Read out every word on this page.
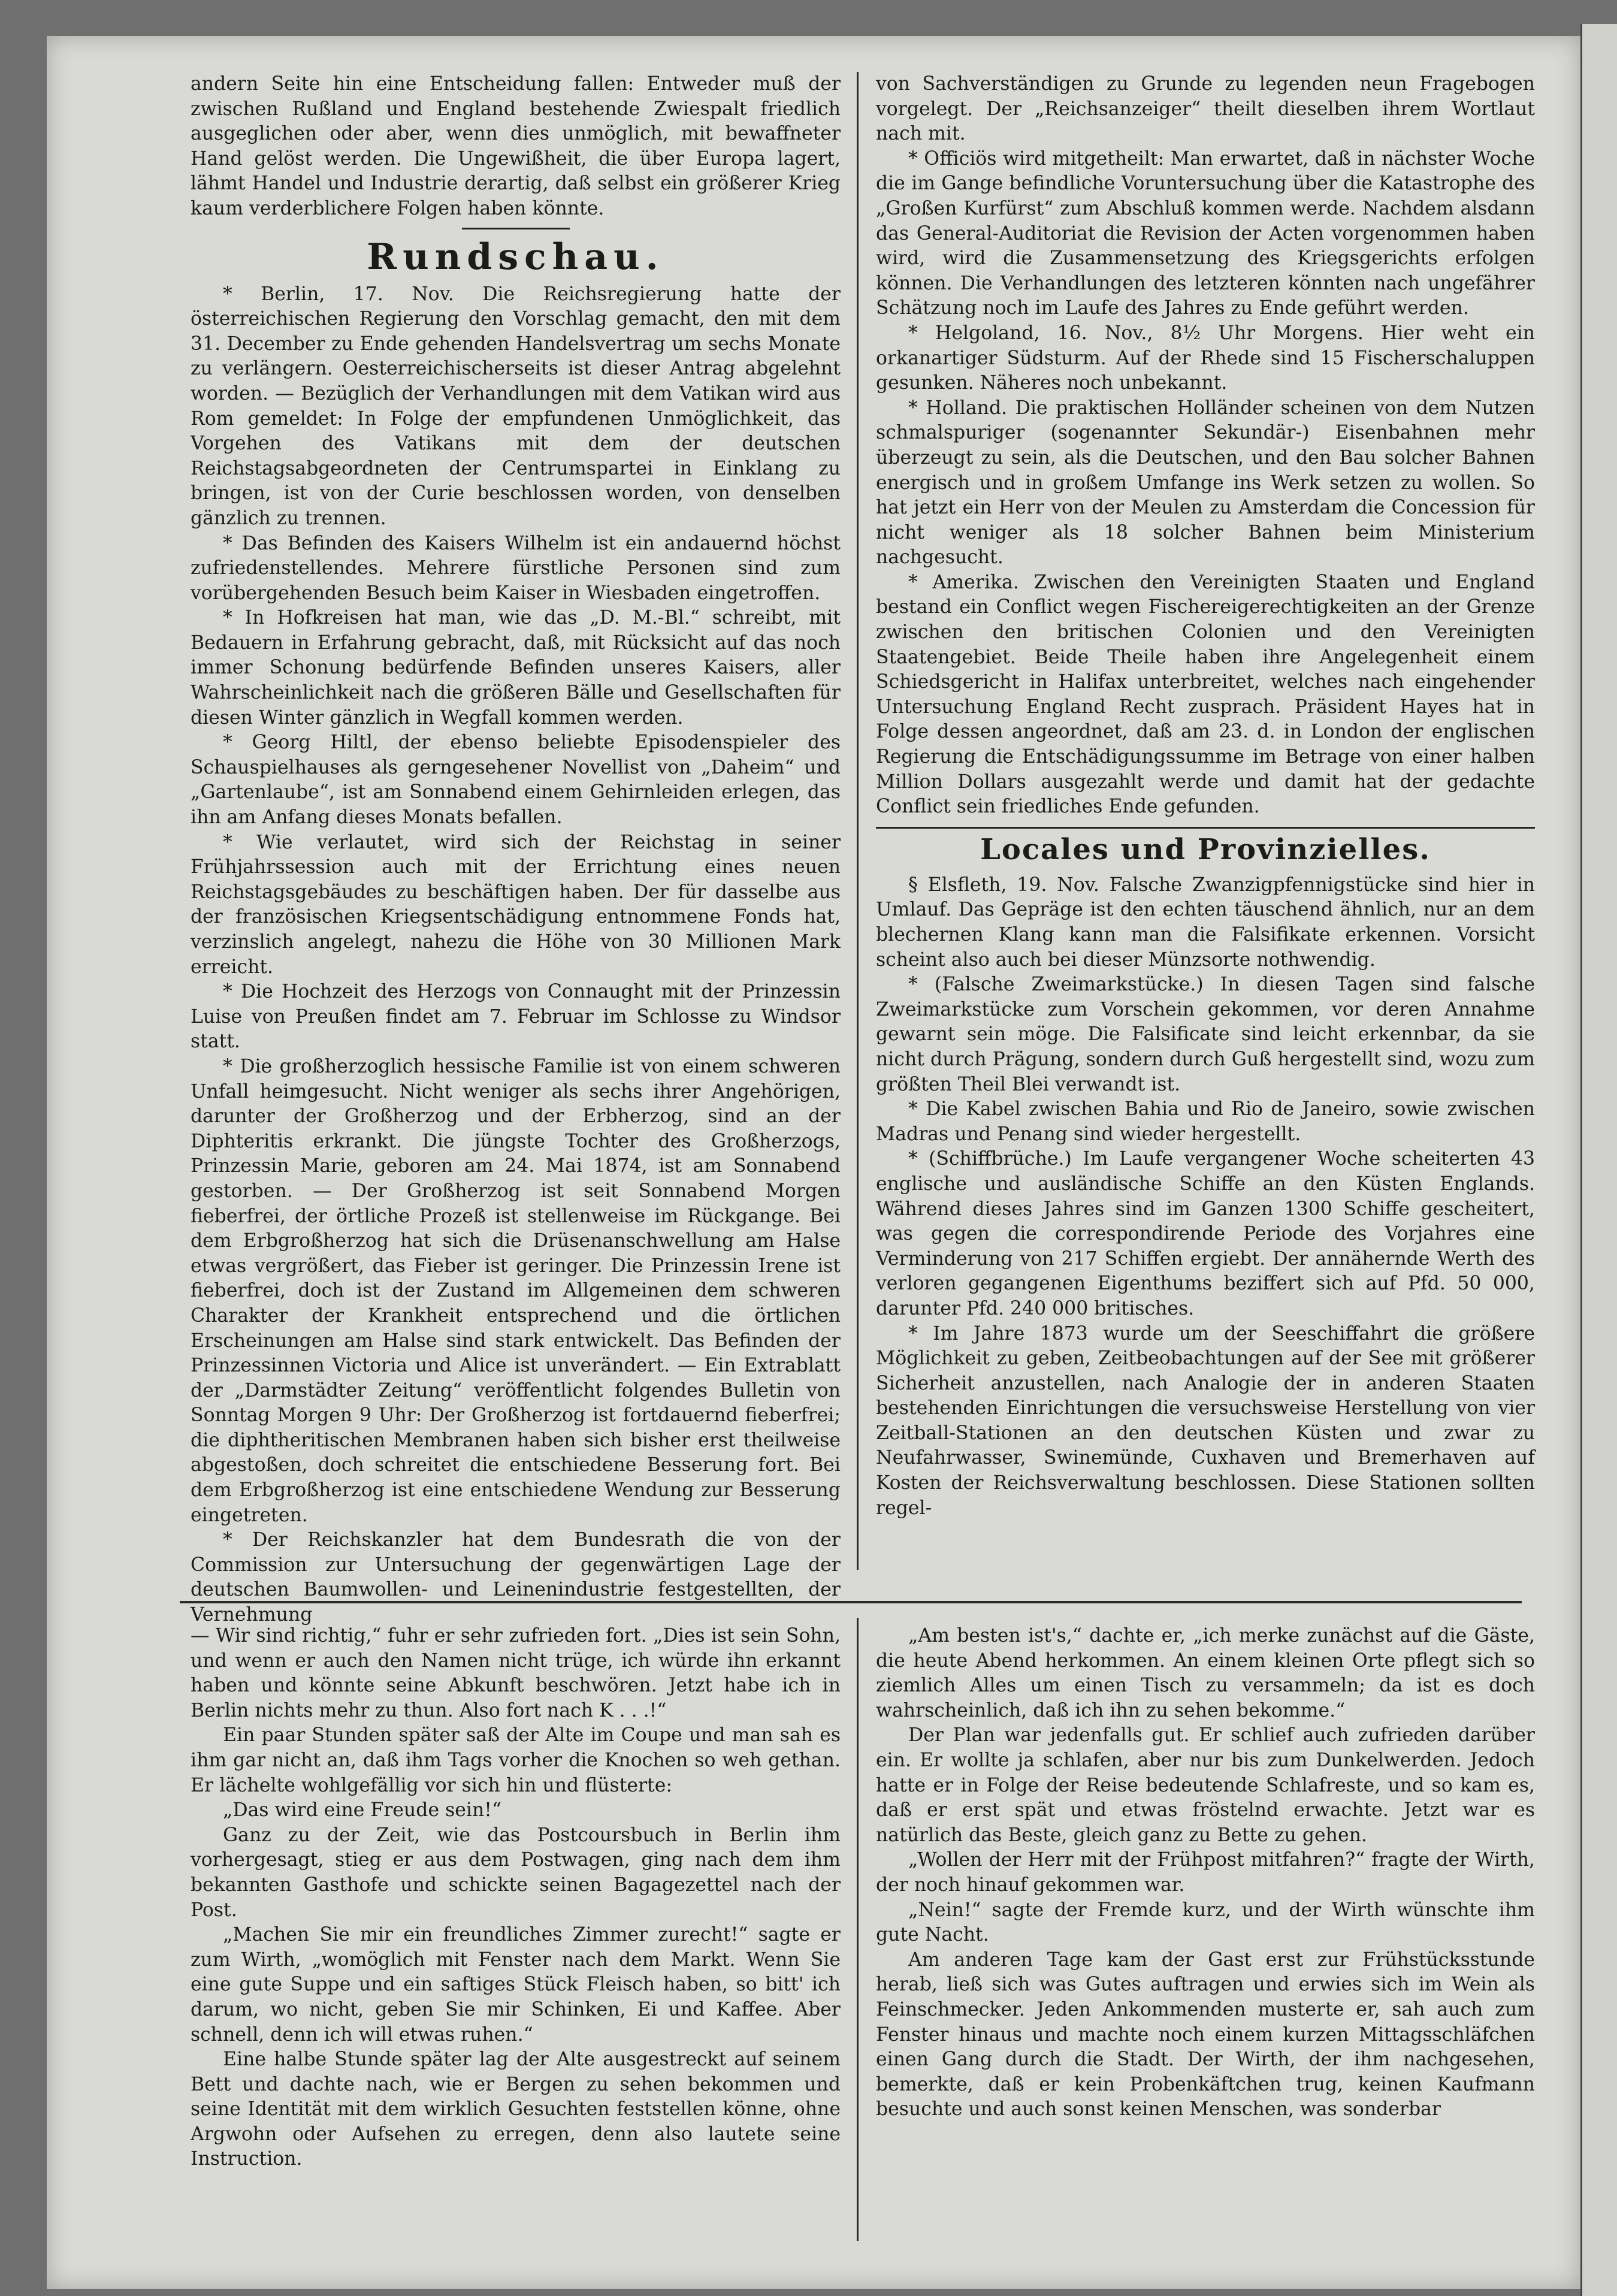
andern Seite hin eine Entscheidung fallen: Entweder muß der zwischen Rußland und England bestehende Zwiespalt friedlich ausgeglichen oder aber, wenn dies unmöglich, mit bewaffneter Hand gelöst werden. Die Ungewißheit, die über Europa lagert, lähmt Handel und Industrie derartig, daß selbst ein größerer Krieg kaum verderblichere Folgen haben könnte.

Rundschau.

* Berlin, 17. Nov. Die Reichsregierung hatte der österreichischen Regierung den Vorschlag gemacht, den mit dem 31. December zu Ende gehenden Handelsvertrag um sechs Monate zu verlängern. Oesterreichischerseits ist dieser Antrag abgelehnt worden. — Bezüglich der Verhandlungen mit dem Vatikan wird aus Rom gemeldet: In Folge der empfundenen Unmöglichkeit, das Vorgehen des Vatikans mit dem der deutschen Reichstagsabgeordneten der Centrumspartei in Einklang zu bringen, ist von der Curie beschlossen worden, von denselben gänzlich zu trennen.

* Das Befinden des Kaisers Wilhelm ist ein andauernd höchst zufriedenstellendes. Mehrere fürstliche Personen sind zum vorübergehenden Besuch beim Kaiser in Wiesbaden eingetroffen.

* In Hofkreisen hat man, wie das „D. M.-Bl.“ schreibt, mit Bedauern in Erfahrung gebracht, daß, mit Rücksicht auf das noch immer Schonung bedürfende Befinden unseres Kaisers, aller Wahrscheinlichkeit nach die größeren Bälle und Gesellschaften für diesen Winter gänzlich in Wegfall kommen werden.

* Georg Hiltl, der ebenso beliebte Episodenspieler des Schauspielhauses als gerngesehener Novellist von „Daheim“ und „Gartenlaube“, ist am Sonnabend einem Gehirnleiden erlegen, das ihn am Anfang dieses Monats befallen.

* Wie verlautet, wird sich der Reichstag in seiner Frühjahrssession auch mit der Errichtung eines neuen Reichstagsgebäudes zu beschäftigen haben. Der für dasselbe aus der französischen Kriegsentschädigung entnommene Fonds hat, verzinslich angelegt, nahezu die Höhe von 30 Millionen Mark erreicht.

* Die Hochzeit des Herzogs von Connaught mit der Prinzessin Luise von Preußen findet am 7. Februar im Schlosse zu Windsor statt.

* Die großherzoglich hessische Familie ist von einem schweren Unfall heimgesucht. Nicht weniger als sechs ihrer Angehörigen, darunter der Großherzog und der Erbherzog, sind an der Diphteritis erkrankt. Die jüngste Tochter des Großherzogs, Prinzessin Marie, geboren am 24. Mai 1874, ist am Sonnabend gestorben. — Der Großherzog ist seit Sonnabend Morgen fieberfrei, der örtliche Prozeß ist stellenweise im Rückgange. Bei dem Erbgroßherzog hat sich die Drüsenanschwellung am Halse etwas vergrößert, das Fieber ist geringer. Die Prinzessin Irene ist fieberfrei, doch ist der Zustand im Allgemeinen dem schweren Charakter der Krankheit entsprechend und die örtlichen Erscheinungen am Halse sind stark entwickelt. Das Befinden der Prinzessinnen Victoria und Alice ist unverändert. — Ein Extrablatt der „Darmstädter Zeitung“ veröffentlicht folgendes Bulletin von Sonntag Morgen 9 Uhr: Der Großherzog ist fortdauernd fieberfrei; die diphtheritischen Membranen haben sich bisher erst theilweise abgestoßen, doch schreitet die entschiedene Besserung fort. Bei dem Erbgroßherzog ist eine entschiedene Wendung zur Besserung eingetreten.

* Der Reichskanzler hat dem Bundesrath die von der Commission zur Untersuchung der gegenwärtigen Lage der deutschen Baumwollen- und Leinenindustrie festgestellten, der Vernehmung

von Sachverständigen zu Grunde zu legenden neun Fragebogen vorgelegt. Der „Reichsanzeiger“ theilt dieselben ihrem Wortlaut nach mit.

* Officiös wird mitgetheilt: Man erwartet, daß in nächster Woche die im Gange befindliche Voruntersuchung über die Katastrophe des „Großen Kurfürst“ zum Abschluß kommen werde. Nachdem alsdann das General-Auditoriat die Revision der Acten vorgenommen haben wird, wird die Zusammensetzung des Kriegsgerichts erfolgen können. Die Verhandlungen des letzteren könnten nach ungefährer Schätzung noch im Laufe des Jahres zu Ende geführt werden.

* Helgoland, 16. Nov., 8½ Uhr Morgens. Hier weht ein orkanartiger Südsturm. Auf der Rhede sind 15 Fischerschaluppen gesunken. Näheres noch unbekannt.

* Holland. Die praktischen Holländer scheinen von dem Nutzen schmalspuriger (sogenannter Sekundär-) Eisenbahnen mehr überzeugt zu sein, als die Deutschen, und den Bau solcher Bahnen energisch und in großem Umfange ins Werk setzen zu wollen. So hat jetzt ein Herr von der Meulen zu Amsterdam die Concession für nicht weniger als 18 solcher Bahnen beim Ministerium nachgesucht.

* Amerika. Zwischen den Vereinigten Staaten und England bestand ein Conflict wegen Fischereigerechtigkeiten an der Grenze zwischen den britischen Colonien und den Vereinigten Staatengebiet. Beide Theile haben ihre Angelegenheit einem Schiedsgericht in Halifax unterbreitet, welches nach eingehender Untersuchung England Recht zusprach. Präsident Hayes hat in Folge dessen angeordnet, daß am 23. d. in London der englischen Regierung die Entschädigungssumme im Betrage von einer halben Million Dollars ausgezahlt werde und damit hat der gedachte Conflict sein friedliches Ende gefunden.

Locales und Provinzielles.

§ Elsfleth, 19. Nov. Falsche Zwanzigpfennigstücke sind hier in Umlauf. Das Gepräge ist den echten täuschend ähnlich, nur an dem blechernen Klang kann man die Falsifikate erkennen. Vorsicht scheint also auch bei dieser Münzsorte nothwendig.

* (Falsche Zweimarkstücke.) In diesen Tagen sind falsche Zweimarkstücke zum Vorschein gekommen, vor deren Annahme gewarnt sein möge. Die Falsificate sind leicht erkennbar, da sie nicht durch Prägung, sondern durch Guß hergestellt sind, wozu zum größten Theil Blei verwandt ist.

* Die Kabel zwischen Bahia und Rio de Janeiro, sowie zwischen Madras und Penang sind wieder hergestellt.

* (Schiffbrüche.) Im Laufe vergangener Woche scheiterten 43 englische und ausländische Schiffe an den Küsten Englands. Während dieses Jahres sind im Ganzen 1300 Schiffe gescheitert, was gegen die correspondirende Periode des Vorjahres eine Verminderung von 217 Schiffen ergiebt. Der annähernde Werth des verloren gegangenen Eigenthums beziffert sich auf Pfd. 50 000, darunter Pfd. 240 000 britisches.

* Im Jahre 1873 wurde um der Seeschiffahrt die größere Möglichkeit zu geben, Zeitbeobachtungen auf der See mit größerer Sicherheit anzustellen, nach Analogie der in anderen Staaten bestehenden Einrichtungen die versuchsweise Herstellung von vier Zeitball-Stationen an den deutschen Küsten und zwar zu Neufahrwasser, Swinemünde, Cuxhaven und Bremerhaven auf Kosten der Reichsverwaltung beschlossen. Diese Stationen sollten regel-

— Wir sind richtig,“ fuhr er sehr zufrieden fort. „Dies ist sein Sohn, und wenn er auch den Namen nicht trüge, ich würde ihn erkannt haben und könnte seine Abkunft beschwören. Jetzt habe ich in Berlin nichts mehr zu thun. Also fort nach K . . .!“

Ein paar Stunden später saß der Alte im Coupe und man sah es ihm gar nicht an, daß ihm Tags vorher die Knochen so weh gethan. Er lächelte wohlgefällig vor sich hin und flüsterte:

„Das wird eine Freude sein!“

Ganz zu der Zeit, wie das Postcoursbuch in Berlin ihm vorhergesagt, stieg er aus dem Postwagen, ging nach dem ihm bekannten Gasthofe und schickte seinen Bagagezettel nach der Post.

„Machen Sie mir ein freundliches Zimmer zurecht!“ sagte er zum Wirth, „womöglich mit Fenster nach dem Markt. Wenn Sie eine gute Suppe und ein saftiges Stück Fleisch haben, so bitt' ich darum, wo nicht, geben Sie mir Schinken, Ei und Kaffee. Aber schnell, denn ich will etwas ruhen.“

Eine halbe Stunde später lag der Alte ausgestreckt auf seinem Bett und dachte nach, wie er Bergen zu sehen bekommen und seine Identität mit dem wirklich Gesuchten feststellen könne, ohne Argwohn oder Aufsehen zu erregen, denn also lautete seine Instruction.

„Am besten ist's,“ dachte er, „ich merke zunächst auf die Gäste, die heute Abend herkommen. An einem kleinen Orte pflegt sich so ziemlich Alles um einen Tisch zu versammeln; da ist es doch wahrscheinlich, daß ich ihn zu sehen bekomme.“

Der Plan war jedenfalls gut. Er schlief auch zufrieden darüber ein. Er wollte ja schlafen, aber nur bis zum Dunkelwerden. Jedoch hatte er in Folge der Reise bedeutende Schlafreste, und so kam es, daß er erst spät und etwas fröstelnd erwachte. Jetzt war es natürlich das Beste, gleich ganz zu Bette zu gehen.

„Wollen der Herr mit der Frühpost mitfahren?“ fragte der Wirth, der noch hinauf gekommen war.

„Nein!“ sagte der Fremde kurz, und der Wirth wünschte ihm gute Nacht.

Am anderen Tage kam der Gast erst zur Frühstücksstunde herab, ließ sich was Gutes auftragen und erwies sich im Wein als Feinschmecker. Jeden Ankommenden musterte er, sah auch zum Fenster hinaus und machte noch einem kurzen Mittagsschläfchen einen Gang durch die Stadt. Der Wirth, der ihm nachgesehen, bemerkte, daß er kein Probenkäftchen trug, keinen Kaufmann besuchte und auch sonst keinen Menschen, was sonderbar
